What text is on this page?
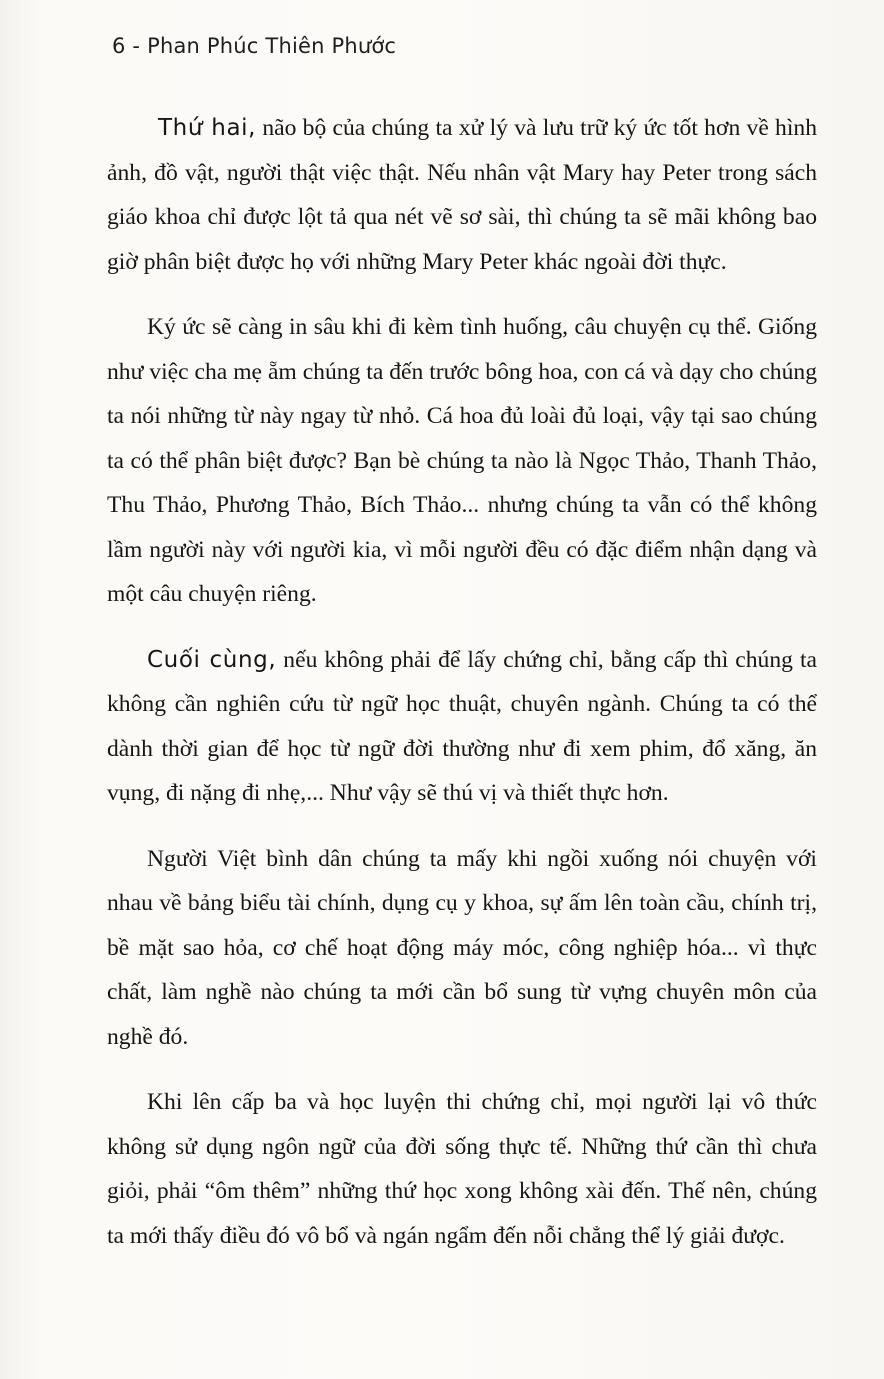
6 - Phan Phúc Thiên Phước

Thứ hai, não bộ của chúng ta xử lý và lưu trữ ký ức tốt hơn về hình ảnh, đồ vật, người thật việc thật. Nếu nhân vật Mary hay Peter trong sách giáo khoa chỉ được lột tả qua nét vẽ sơ sài, thì chúng ta sẽ mãi không bao giờ phân biệt được họ với những Mary Peter khác ngoài đời thực.

Ký ức sẽ càng in sâu khi đi kèm tình huống, câu chuyện cụ thể. Giống như việc cha mẹ ẵm chúng ta đến trước bông hoa, con cá và dạy cho chúng ta nói những từ này ngay từ nhỏ. Cá hoa đủ loài đủ loại, vậy tại sao chúng ta có thể phân biệt được? Bạn bè chúng ta nào là Ngọc Thảo, Thanh Thảo, Thu Thảo, Phương Thảo, Bích Thảo... nhưng chúng ta vẫn có thể không lầm người này với người kia, vì mỗi người đều có đặc điểm nhận dạng và một câu chuyện riêng.

Cuối cùng, nếu không phải để lấy chứng chỉ, bằng cấp thì chúng ta không cần nghiên cứu từ ngữ học thuật, chuyên ngành. Chúng ta có thể dành thời gian để học từ ngữ đời thường như đi xem phim, đổ xăng, ăn vụng, đi nặng đi nhẹ,... Như vậy sẽ thú vị và thiết thực hơn.

Người Việt bình dân chúng ta mấy khi ngồi xuống nói chuyện với nhau về bảng biểu tài chính, dụng cụ y khoa, sự ấm lên toàn cầu, chính trị, bề mặt sao hỏa, cơ chế hoạt động máy móc, công nghiệp hóa... vì thực chất, làm nghề nào chúng ta mới cần bổ sung từ vựng chuyên môn của nghề đó.

Khi lên cấp ba và học luyện thi chứng chỉ, mọi người lại vô thức không sử dụng ngôn ngữ của đời sống thực tế. Những thứ cần thì chưa giỏi, phải “ôm thêm” những thứ học xong không xài đến. Thế nên, chúng ta mới thấy điều đó vô bổ và ngán ngẩm đến nỗi chẳng thể lý giải được.
